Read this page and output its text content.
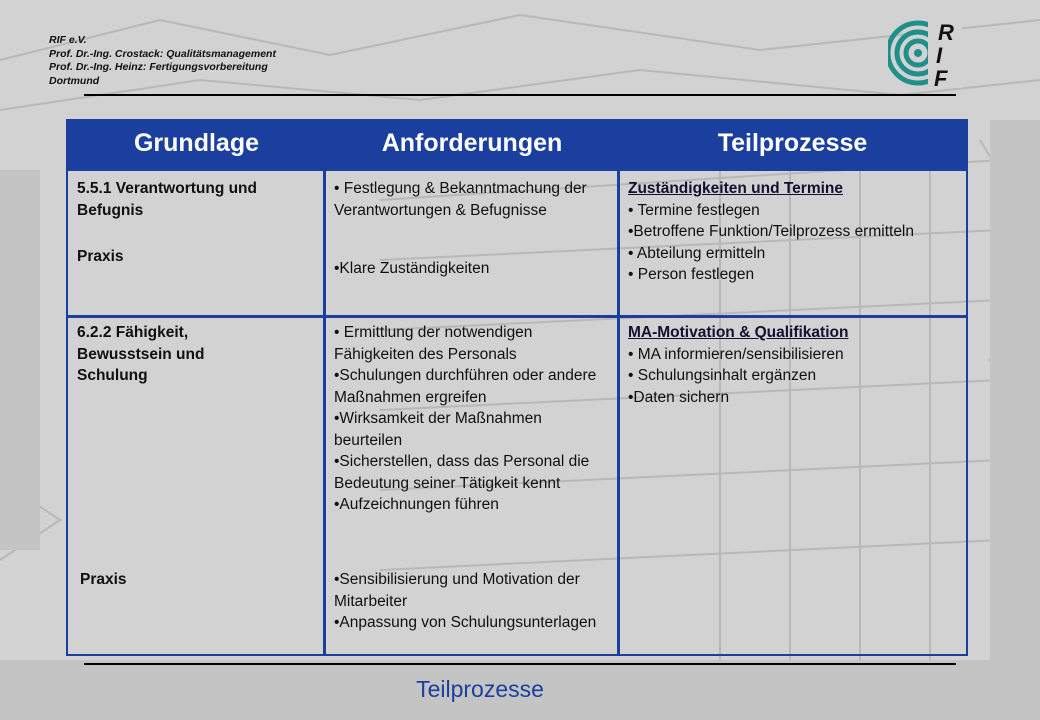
RIF e.V.
Prof. Dr.-Ing. Crostack: Qualitätsmanagement
Prof. Dr.-Ing. Heinz: Fertigungsvorbereitung
Dortmund
R
I
F
Grundlage	Anforderungen	Teilprozesse
5.5.1 Verantwortung und Befugnis
Praxis
• Festlegung & Bekanntmachung der Verantwortungen & Befugnisse
•Klare Zuständigkeiten
Zuständigkeiten und Termine
• Termine festlegen
•Betroffene Funktion/Teilprozess ermitteln
• Abteilung ermitteln
• Person festlegen
6.2.2 Fähigkeit, Bewusstsein und Schulung
Praxis
• Ermittlung der notwendigen Fähigkeiten des Personals
•Schulungen durchführen oder andere Maßnahmen ergreifen
•Wirksamkeit der Maßnahmen beurteilen
•Sicherstellen, dass das Personal die Bedeutung seiner Tätigkeit kennt
•Aufzeichnungen führen
•Sensibilisierung und Motivation der Mitarbeiter
•Anpassung von Schulungsunterlagen
MA-Motivation & Qualifikation
• MA informieren/sensibilisieren
• Schulungsinhalt ergänzen
•Daten sichern
Teilprozesse
